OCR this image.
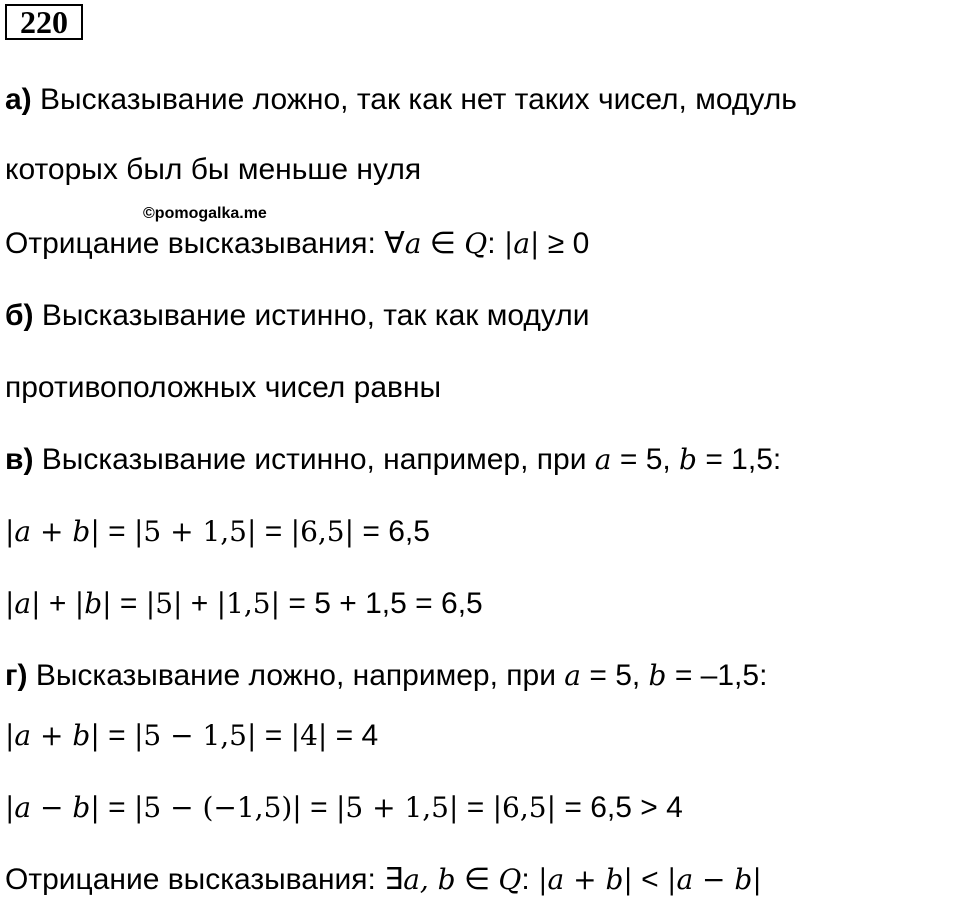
220
а) Высказывание ложно, так как нет таких чисел, модуль
которых был бы меньше нуля
©pomogalka.me
Отрицание высказывания: ∀a ∈ Q: |a| ≥ 0
б) Высказывание истинно, так как модули
противоположных чисел равны
в) Высказывание истинно, например, при a = 5, b = 1,5:
|a + b| = |5 + 1,5| = |6,5| = 6,5
|a| + |b| = |5| + |1,5| = 5 + 1,5 = 6,5
г) Высказывание ложно, например, при a = 5, b = –1,5:
|a + b| = |5 − 1,5| = |4| = 4
|a − b| = |5 − (−1,5)| = |5 + 1,5| = |6,5| = 6,5 > 4
Отрицание высказывания: ∃a, b ∈ Q: |a + b| < |a − b|
